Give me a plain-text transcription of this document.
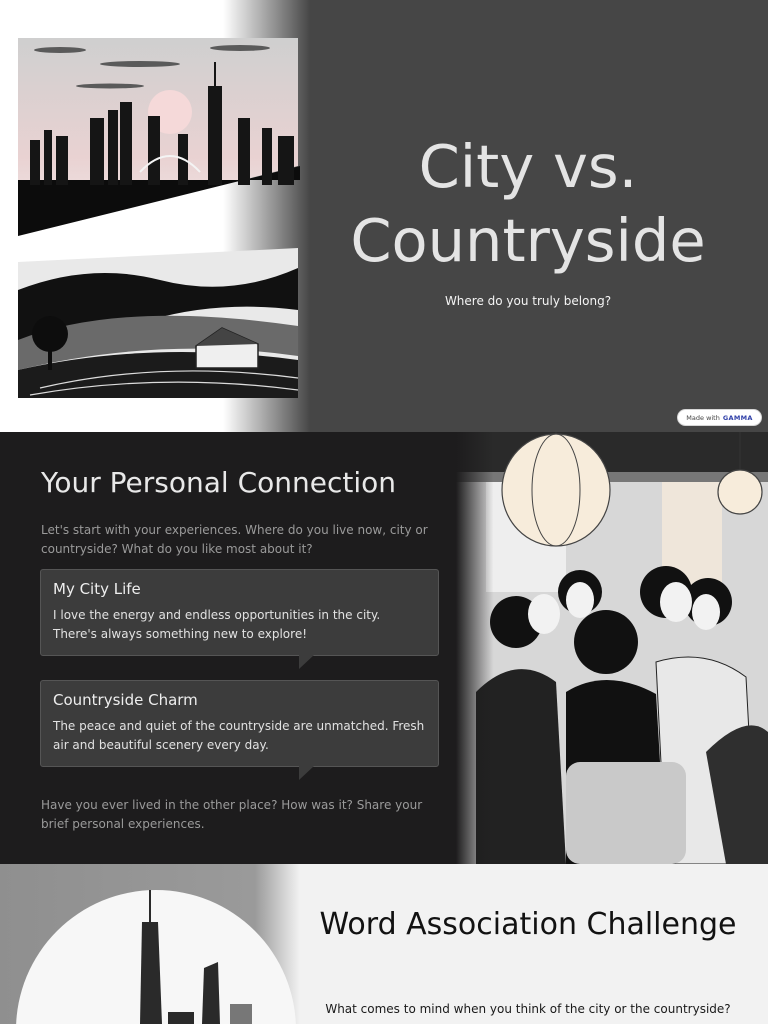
City vs. Countryside

Where do you truly belong?

Made with GAMMA
Your Personal Connection

Let's start with your experiences. Where do you live now, city or countryside? What do you like most about it?

My City Life
I love the energy and endless opportunities in the city. There's always something new to explore!
Countryside Charm
The peace and quiet of the countryside are unmatched. Fresh air and beautiful scenery every day.

Have you ever lived in the other place? How was it? Share your brief personal experiences.

Word Association Challenge

What comes to mind when you think of the city or the countryside?
